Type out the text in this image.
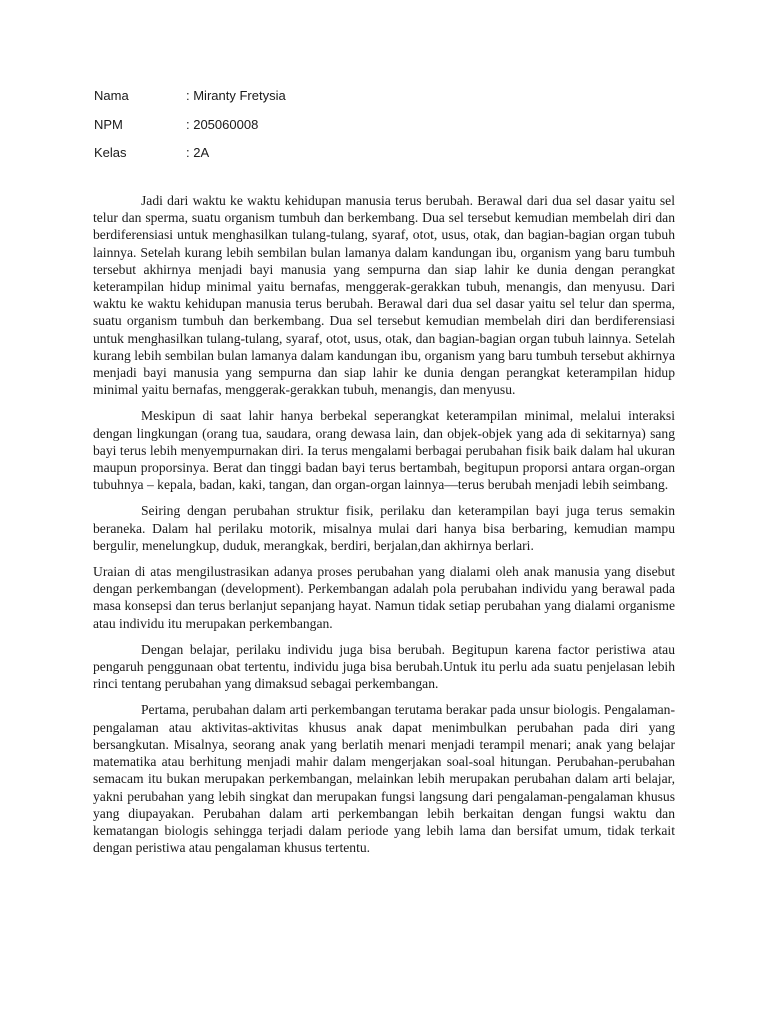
Nama	: Miranty Fretysia
NPM	: 205060008
Kelas	: 2A

Jadi dari waktu ke waktu kehidupan manusia terus berubah. Berawal dari dua sel dasar yaitu sel telur dan sperma, suatu organism tumbuh dan berkembang. Dua sel tersebut kemudian membelah diri dan berdiferensiasi untuk menghasilkan tulang-tulang, syaraf, otot, usus, otak, dan bagian-bagian organ tubuh lainnya. Setelah kurang lebih sembilan bulan lamanya dalam kandungan ibu, organism yang baru tumbuh tersebut akhirnya menjadi bayi manusia yang sempurna dan siap lahir ke dunia dengan perangkat keterampilan hidup minimal yaitu bernafas, menggerak-gerakkan tubuh, menangis, dan menyusu. Dari waktu ke waktu kehidupan manusia terus berubah. Berawal dari dua sel dasar yaitu sel telur dan sperma, suatu organism tumbuh dan berkembang. Dua sel tersebut kemudian membelah diri dan berdiferensiasi untuk menghasilkan tulang-tulang, syaraf, otot, usus, otak, dan bagian-bagian organ tubuh lainnya. Setelah kurang lebih sembilan bulan lamanya dalam kandungan ibu, organism yang baru tumbuh tersebut akhirnya menjadi bayi manusia yang sempurna dan siap lahir ke dunia dengan perangkat keterampilan hidup minimal yaitu bernafas, menggerak-gerakkan tubuh, menangis, dan menyusu.

Meskipun di saat lahir hanya berbekal seperangkat keterampilan minimal, melalui interaksi dengan lingkungan (orang tua, saudara, orang dewasa lain, dan objek-objek yang ada di sekitarnya) sang bayi terus lebih menyempurnakan diri. Ia terus mengalami berbagai perubahan fisik baik dalam hal ukuran maupun proporsinya. Berat dan tinggi badan bayi terus bertambah, begitupun proporsi antara organ-organ tubuhnya – kepala, badan, kaki, tangan, dan organ-organ lainnya—terus berubah menjadi lebih seimbang.

Seiring dengan perubahan struktur fisik, perilaku dan keterampilan bayi juga terus semakin beraneka. Dalam hal perilaku motorik, misalnya mulai dari hanya bisa berbaring, kemudian mampu bergulir, menelungkup, duduk, merangkak, berdiri, berjalan,dan akhirnya berlari.

Uraian di atas mengilustrasikan adanya proses perubahan yang dialami oleh anak manusia yang disebut dengan perkembangan (development). Perkembangan adalah pola perubahan individu yang berawal pada masa konsepsi dan terus berlanjut sepanjang hayat. Namun tidak setiap perubahan yang dialami organisme atau individu itu merupakan perkembangan.

Dengan belajar, perilaku individu juga bisa berubah. Begitupun karena factor peristiwa atau pengaruh penggunaan obat tertentu, individu juga bisa berubah.Untuk itu perlu ada suatu penjelasan lebih rinci tentang perubahan yang dimaksud sebagai perkembangan.

Pertama, perubahan dalam arti perkembangan terutama berakar pada unsur biologis. Pengalaman-pengalaman atau aktivitas-aktivitas khusus anak dapat menimbulkan perubahan pada diri yang bersangkutan. Misalnya, seorang anak yang berlatih menari menjadi terampil menari; anak yang belajar matematika atau berhitung menjadi mahir dalam mengerjakan soal-soal hitungan. Perubahan-perubahan semacam itu bukan merupakan perkembangan, melainkan lebih merupakan perubahan dalam arti belajar, yakni perubahan yang lebih singkat dan merupakan fungsi langsung dari pengalaman-pengalaman khusus yang diupayakan. Perubahan dalam arti perkembangan lebih berkaitan dengan fungsi waktu dan kematangan biologis sehingga terjadi dalam periode yang lebih lama dan bersifat umum, tidak terkait dengan peristiwa atau pengalaman khusus tertentu.
